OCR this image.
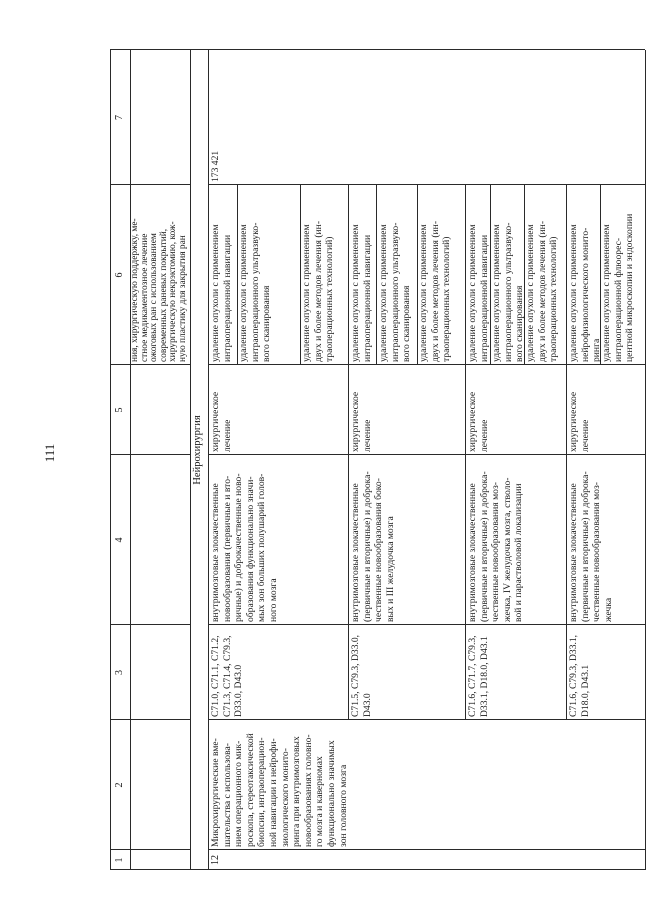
111
1
2
3
4
5
6
7
ния, хирургическую поддержку, ме-
стное медикаментозное лечение
ожоговых ран с использованием
современных раневых покрытий,
хирургическую некрэктомию, кож-
ную пластику для закрытия ран
Нейрохирургия
12
Микрохирургические вме-
шательства с использова-
нием операционного мик-
роскопа, стереотаксической
биопсии, интраоперацион-
ной навигации и нейрофи-
зиологического монито-
ринга при внутримозговых
новообразованиях головно-
го мозга и каверномах
функционально значимых
зон головного мозга
173 421
С71.0, С71.1, С71.2,
С71.3, С71.4, С79.3,
D33.0, D43.0
внутримозговые злокачественные
новообразования (первичные и вто-
ричные) и доброкачественные ново-
образования функционально значи-
мых зон больших полушарий голов-
ного мозга
хирургическое
лечение
удаление опухоли с применением
интраоперационной навигации
удаление опухоли с применением
интраоперационного ультразвуко-
вого сканирования
удаление опухоли с применением
двух и более методов лечения (ин-
траоперационных технологий)
С71.5, С79.3, D33.0,
D43.0
внутримозговые злокачественные
(первичные и вторичные) и доброка-
чественные новообразования боко-
вых и III желудочка мозга
хирургическое
лечение
удаление опухоли с применением
интраоперационной навигации
удаление опухоли с применением
интраоперационного ультразвуко-
вого сканирования
удаление опухоли с применением
двух и более методов лечения (ин-
траоперационных технологий)
С71.6, С71.7, С79.3,
D33.1, D18.0, D43.1
внутримозговые злокачественные
(первичные и вторичные) и доброка-
чественные новообразования моз-
жечка, IV желудочка мозга, стволо-
вой и парастволовой локализации
хирургическое
лечение
удаление опухоли с применением
интраоперационной навигации
удаление опухоли с применением
интраоперационного ультразвуко-
вого сканирования
удаление опухоли с применением
двух и более методов лечения (ин-
траоперационных технологий)
С71.6, С79.3, D33.1,
D18.0, D43.1
внутримозговые злокачественные
(первичные и вторичные) и доброка-
чественные новообразования моз-
жечка
хирургическое
лечение
удаление опухоли с применением
нейрофизиологического монито-
ринга
удаление опухоли с применением
интраоперационной флюорес-
центной микроскопии и эндоскопии
